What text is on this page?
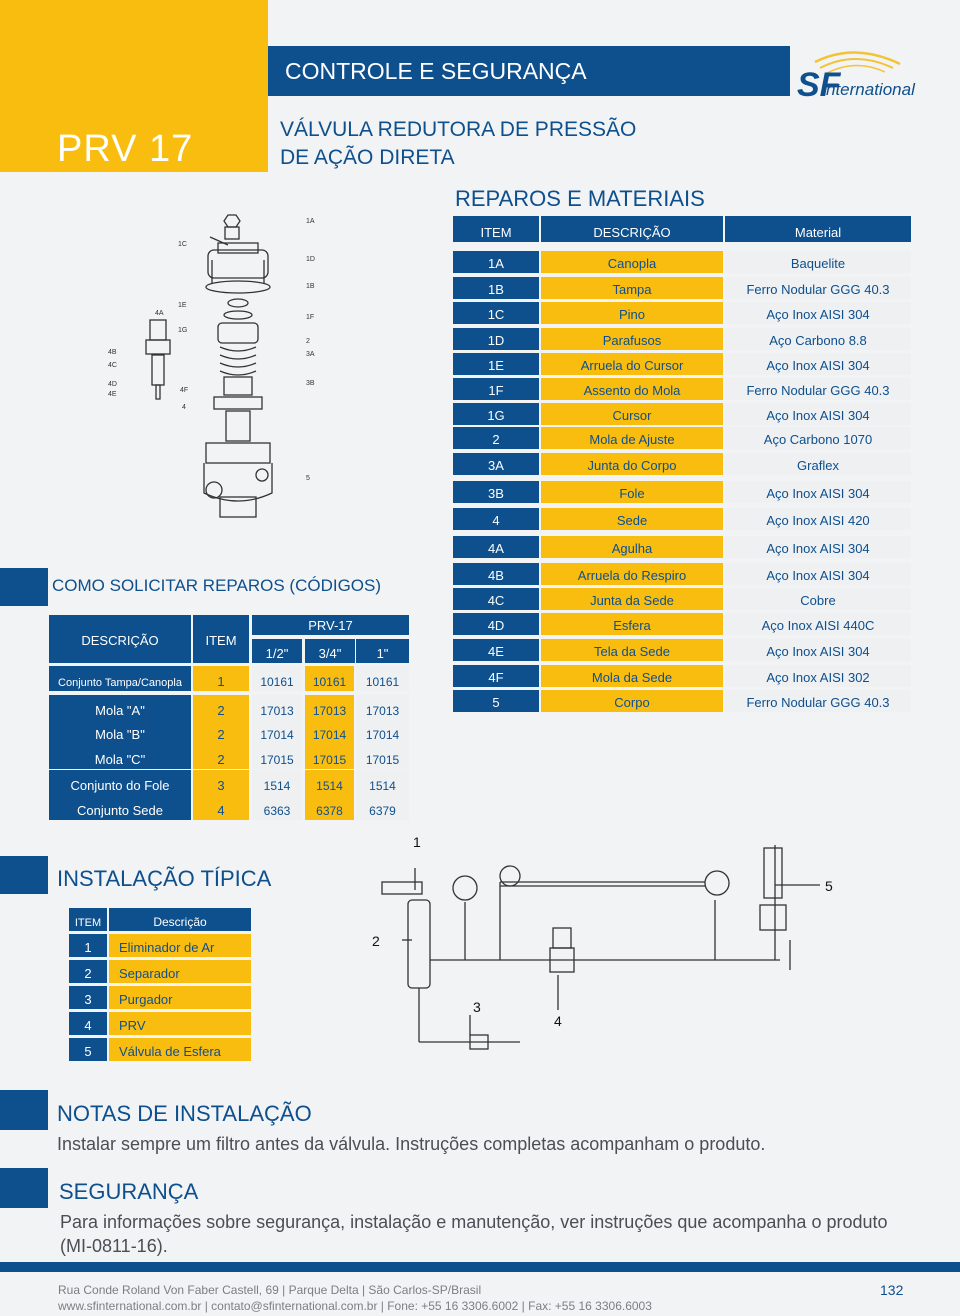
PRV 17
CONTROLE E SEGURANÇA	SF
nternational
VÁLVULA REDUTORA DE PRESSÃO
DE AÇÃO DIRETA
1A
1C
1D
1B
1E
4A
1F
1G
4B
4C
2
3A
4D
4E
4F
3B
4
5
REPAROS E MATERIAIS
ITEM	DESCRIÇÃO	Material
1A	Canopla	Baquelite
1B	Tampa	Ferro Nodular GGG 40.3
1C	Pino	Aço Inox AISI 304
1D	Parafusos	Aço Carbono 8.8
1E	Arruela do Cursor	Aço Inox AISI 304
1F	Assento do Mola	Ferro Nodular GGG 40.3
1G	Cursor	Aço Inox AISI 304
2	Mola de Ajuste	Aço Carbono 1070
3A	Junta do Corpo	Graflex
3B	Fole	Aço Inox AISI 304
4	Sede	Aço Inox AISI 420
4A	Agulha	Aço Inox AISI 304
4B	Arruela do Respiro	Aço Inox AISI 304
4C	Junta da Sede	Cobre
4D	Esfera	Aço Inox AISI 440C
4E	Tela da Sede	Aço Inox AISI 304
4F	Mola da Sede	Aço Inox AISI 302
5	Corpo	Ferro Nodular GGG 40.3
COMO SOLICITAR REPAROS (CÓDIGOS)
DESCRIÇÃO	ITEM
PRV-17
1/2"	3/4"	1"
Conjunto Tampa/Canopla	1	10161	10161	10161
Mola "A"	2	17013	17013	17013
Mola "B"	2	17014	17014	17014
Mola "C"	2	17015	17015	17015
Conjunto do Fole	3	1514	1514	1514
Conjunto Sede	4	6363	6378	6379
INSTALAÇÃO TÍPICA
ITEM	Descrição
1	Eliminador de Ar
2	Separador
3	Purgador
4	PRV
5	Válvula de Esfera
1
2
3
4
5
NOTAS DE INSTALAÇÃO
Instalar sempre um filtro antes da válvula. Instruções completas acompanham o produto.
SEGURANÇA
Para informações sobre segurança, instalação e manutenção, ver instruções que acompanha o produto (MI-0811-16).
Rua Conde Roland Von Faber Castell, 69 | Parque Delta | São Carlos-SP/Brasil
www.sfinternational.com.br | contato@sfinternational.com.br | Fone: +55 16 3306.6002 | Fax: +55 16 3306.6003
132
